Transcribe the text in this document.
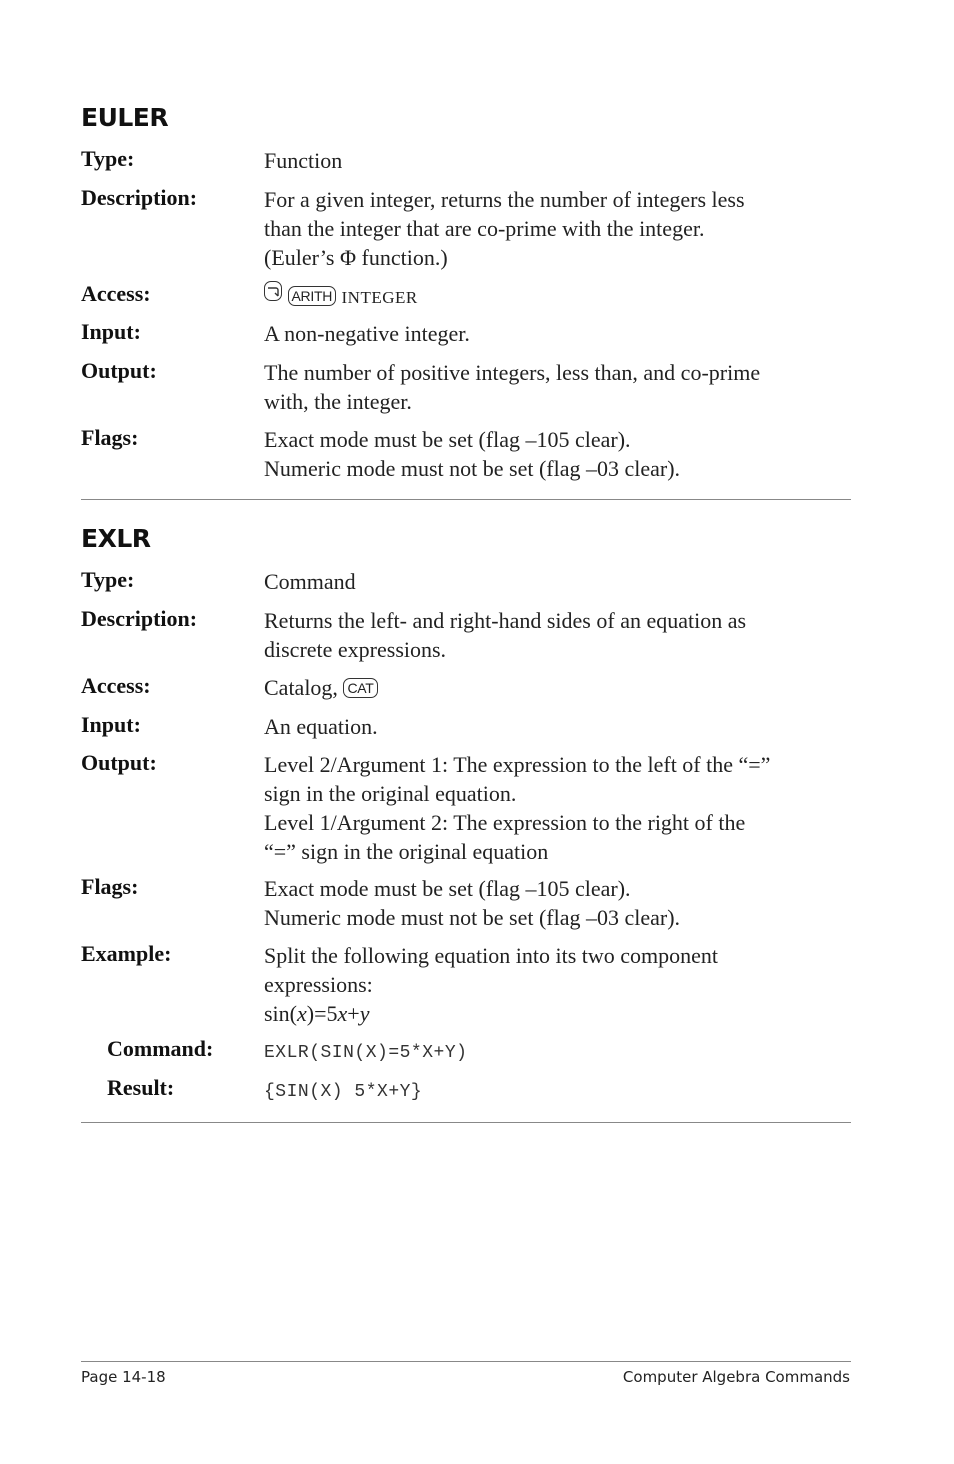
EULER
Type:	Function
Description:	For a given integer, returns the number of integers less
than the integer that are co-prime with the integer.
(Euler’s Φ function.)
Access:	ARITH INTEGER
Input:	A non-negative integer.
Output:	The number of positive integers, less than, and co-prime
with, the integer.
Flags:	Exact mode must be set (flag –105 clear).
Numeric mode must not be set (flag –03 clear).
EXLR
Type:	Command
Description:	Returns the left- and right-hand sides of an equation as
discrete expressions.
Access:	Catalog, CAT
Input:	An equation.
Output:	Level 2/Argument 1: The expression to the left of the “=”
sign in the original equation.
Level 1/Argument 2: The expression to the right of the
“=” sign in the original equation
Flags:	Exact mode must be set (flag –105 clear).
Numeric mode must not be set (flag –03 clear).
Example:	Split the following equation into its two component
expressions:
sin(x)=5x+y
Command:	EXLR(SIN(X)=5*X+Y)
Result:	{SIN(X) 5*X+Y}
Page 14-18	Computer Algebra Commands
